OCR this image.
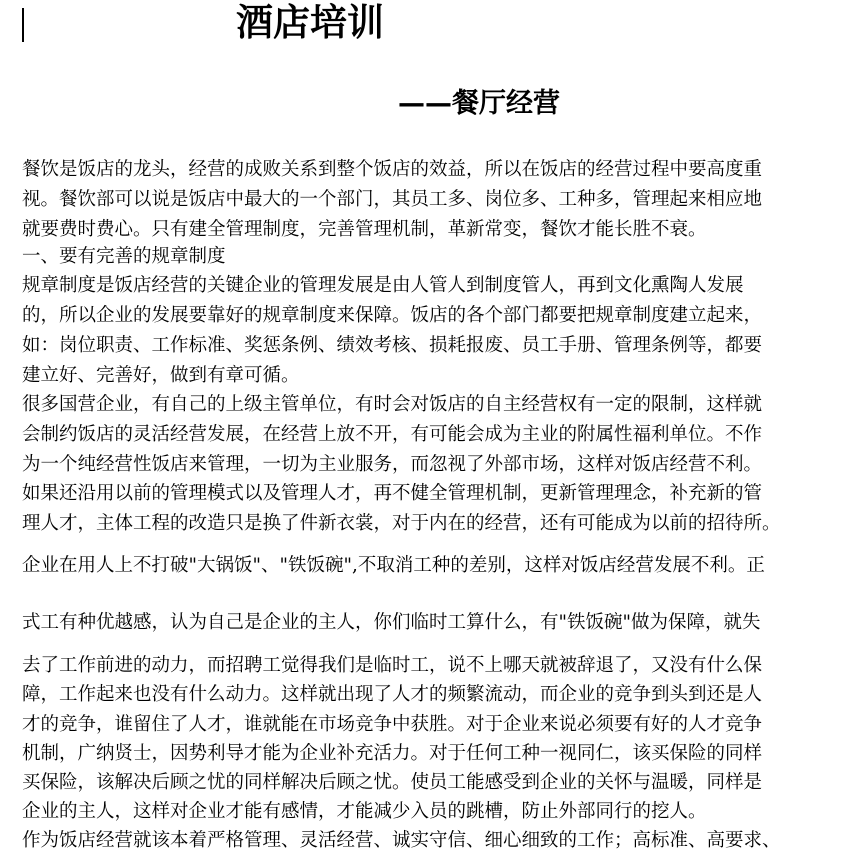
酒店培训
——餐厅经营
餐饮是饭店的龙头，经营的成败关系到整个饭店的效益，所以在饭店的经营过程中要高度重
视。餐饮部可以说是饭店中最大的一个部门，其员工多、岗位多、工种多，管理起来相应地
就要费时费心。只有建全管理制度，完善管理机制，革新常变，餐饮才能长胜不衰。
一、要有完善的规章制度
规章制度是饭店经营的关键企业的管理发展是由人管人到制度管人，再到文化熏陶人发展
的，所以企业的发展要靠好的规章制度来保障。饭店的各个部门都要把规章制度建立起来，
如：岗位职责、工作标准、奖惩条例、绩效考核、损耗报废、员工手册、管理条例等，都要
建立好、完善好，做到有章可循。
很多国营企业，有自己的上级主管单位，有时会对饭店的自主经营权有一定的限制，这样就
会制约饭店的灵活经营发展，在经营上放不开，有可能会成为主业的附属性福利单位。不作
为一个纯经营性饭店来管理，一切为主业服务，而忽视了外部市场，这样对饭店经营不利。
如果还沿用以前的管理模式以及管理人才，再不健全管理机制，更新管理理念，补充新的管
理人才，主体工程的改造只是换了件新衣裳，对于内在的经营，还有可能成为以前的招待所。
企业在用人上不打破"大锅饭"、"铁饭碗",不取消工种的差别，这样对饭店经营发展不利。正
式工有种优越感，认为自己是企业的主人，你们临时工算什么，有"铁饭碗"做为保障，就失
去了工作前进的动力，而招聘工觉得我们是临时工，说不上哪天就被辞退了，又没有什么保
障，工作起来也没有什么动力。这样就出现了人才的频繁流动，而企业的竞争到头到还是人
才的竞争，谁留住了人才，谁就能在市场竞争中获胜。对于企业来说必须要有好的人才竞争
机制，广纳贤士，因势利导才能为企业补充活力。对于任何工种一视同仁，该买保险的同样
买保险，该解决后顾之忧的同样解决后顾之忧。使员工能感受到企业的关怀与温暖，同样是
企业的主人，这样对企业才能有感情，才能减少入员的跳槽，防止外部同行的挖人。
作为饭店经营就该本着严格管理、灵活经营、诚实守信、细心细致的工作；高标准、高要求、
